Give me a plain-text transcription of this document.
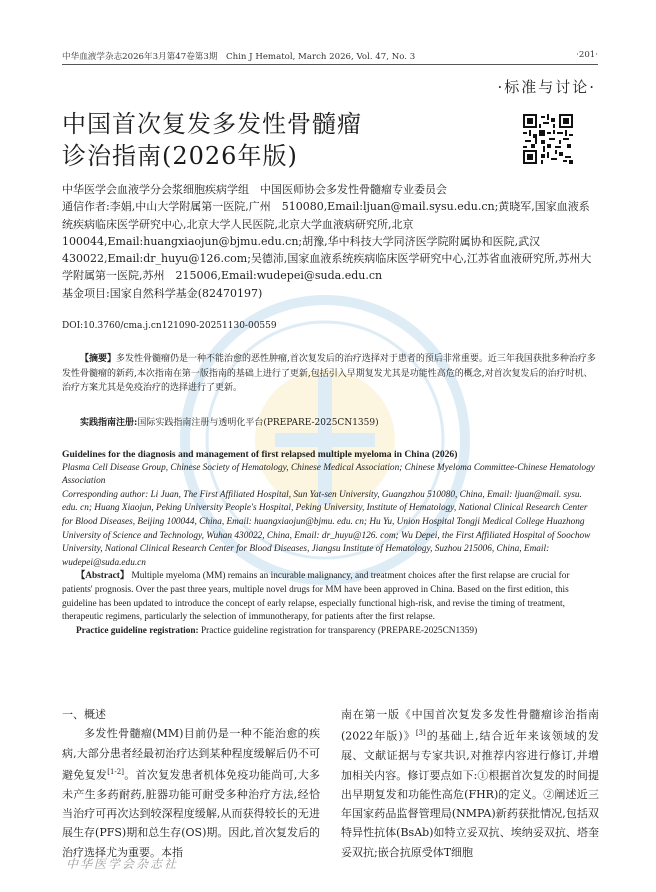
中华血液学杂志2026年3月第47卷第3期　Chin J Hematol, March 2026, Vol. 47, No. 3	·201·
·标准与讨论·
中国首次复发多发性骨髓瘤
诊治指南(2026年版)

中华医学会血液学分会浆细胞疾病学组　中国医师协会多发性骨髓瘤专业委员会

通信作者:李娟,中山大学附属第一医院,广州　510080,Email:ljuan@mail.sysu.edu.cn;黄晓军,国家血液系统疾病临床医学研究中心,北京大学人民医院,北京大学血液病研究所,北京　100044,Email:huangxiaojun@bjmu.edu.cn;胡豫,华中科技大学同济医学院附属协和医院,武汉　430022,Email:dr_huyu@126.com;吴德沛,国家血液系统疾病临床医学研究中心,江苏省血液研究所,苏州大学附属第一医院,苏州　215006,Email:wudepei@suda.edu.cn

基金项目:国家自然科学基金(82470197)

DOI:10.3760/cma.j.cn121090-20251130-00559

【摘要】多发性骨髓瘤仍是一种不能治愈的恶性肿瘤,首次复发后的治疗选择对于患者的预后非常重要。近三年我国获批多种治疗多发性骨髓瘤的新药,本次指南在第一版指南的基础上进行了更新,包括引入早期复发尤其是功能性高危的概念,对首次复发后的治疗时机、治疗方案尤其是免疫治疗的选择进行了更新。

实践指南注册:国际实践指南注册与透明化平台(PREPARE-2025CN1359)

Guidelines for the diagnosis and management of first relapsed multiple myeloma in China (2026)

Plasma Cell Disease Group, Chinese Society of Hematology, Chinese Medical Association; Chinese Myeloma Committee-Chinese Hematology Association

Corresponding author: Li Juan, The First Affiliated Hospital, Sun Yat-sen University, Guangzhou 510080, China, Email: ljuan@mail. sysu. edu. cn; Huang Xiaojun, Peking University People's Hospital, Peking University, Institute of Hematology, National Clinical Research Center for Blood Diseases, Beijing 100044, China, Email: huangxiaojun@bjmu. edu. cn; Hu Yu, Union Hospital Tongji Medical College Huazhong University of Science and Technology, Wuhan 430022, China, Email: dr_huyu@126. com; Wu Depei, the First Affiliated Hospital of Soochow University, National Clinical Research Center for Blood Diseases, Jiangsu Institute of Hematology, Suzhou 215006, China, Email: wudepei@suda.edu.cn

【Abstract】 Multiple myeloma (MM) remains an incurable malignancy, and treatment choices after the first relapse are crucial for patients' prognosis. Over the past three years, multiple novel drugs for MM have been approved in China. Based on the first edition, this guideline has been updated to introduce the concept of early relapse, especially functional high-risk, and revise the timing of treatment, therapeutic regimens, particularly the selection of immunotherapy, for patients after the first relapse.

Practice guideline registration: Practice guideline registration for transparency (PREPARE-2025CN1359)

一、概述

多发性骨髓瘤(MM)目前仍是一种不能治愈的疾病,大部分患者经最初治疗达到某种程度缓解后仍不可避免复发[1-2]。首次复发患者机体免疫功能尚可,大多未产生多药耐药,脏器功能可耐受多种治疗方法,经恰当治疗可再次达到较深程度缓解,从而获得较长的无进展生存(PFS)期和总生存(OS)期。因此,首次复发后的治疗选择尤为重要。本指

南在第一版《中国首次复发多发性骨髓瘤诊治指南(2022年版)》[3]的基础上,结合近年来该领域的发展、文献证据与专家共识,对推荐内容进行修订,并增加相关内容。修订要点如下:①根据首次复发的时间提出早期复发和功能性高危(FHR)的定义。②阐述近三年国家药品监督管理局(NMPA)新药获批情况,包括双特异性抗体(BsAb)如特立妥双抗、埃纳妥双抗、塔奎妥双抗;嵌合抗原受体T细胞

中华医学会杂志社
